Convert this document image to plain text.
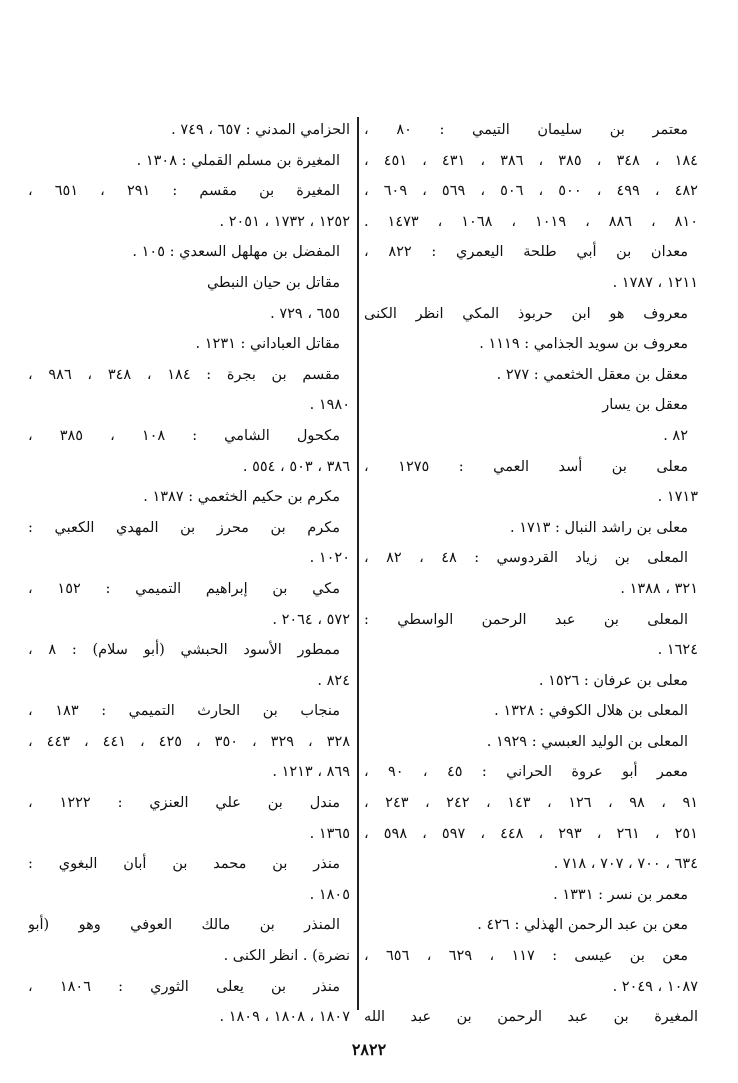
معتمر بن سليمان التيمي : ٨٠ ،
١٨٤ ، ٣٤٨ ، ٣٨٥ ، ٣٨٦ ، ٤٣١ ، ٤٥١ ،
٤٨٢ ، ٤٩٩ ، ٥٠٠ ، ٥٠٦ ، ٥٦٩ ، ٦٠٩ ،
٨١٠ ، ٨٨٦ ، ١٠١٩ ، ١٠٦٨ ، ١٤٧٣ .
معدان بن أبي طلحة اليعمري : ٨٢٢ ،
١٢١١ ، ١٧٨٧ .
معروف هو ابن حربوذ المكي انظر الكنى
معروف بن سويد الجذامي : ١١١٩ .
معقل بن معقل الخثعمي : ٢٧٧ .
معقل بن يسار
٨٢ .
معلى بن أسد العمي : ١٢٧٥ ،
١٧١٣ .
معلى بن راشد النبال : ١٧١٣ .
المعلى بن زياد القردوسي : ٤٨ ، ٨٢ ،
٣٢١ ، ١٣٨٨ .
المعلى بن عبد الرحمن الواسطي :
١٦٢٤ .
معلى بن عرفان : ١٥٢٦ .
المعلى بن هلال الكوفي : ١٣٢٨ .
المعلى بن الوليد العبسي : ١٩٢٩ .
معمر أبو عروة الحراني : ٤٥ ، ٩٠ ،
٩١ ، ٩٨ ، ١٢٦ ، ١٤٣ ، ٢٤٢ ، ٢٤٣ ،
٢٥١ ، ٢٦١ ، ٢٩٣ ، ٤٤٨ ، ٥٩٧ ، ٥٩٨ ،
٦٣٤ ، ٧٠٠ ، ٧٠٧ ، ٧١٨ .
معمر بن نسر : ١٣٣١ .
معن بن عبد الرحمن الهذلي : ٤٢٦ .
معن بن عيسى : ١١٧ ، ٦٢٩ ، ٦٥٦ ،
١٠٨٧ ، ٢٠٤٩ .
المغيرة بن عبد الرحمن بن عبد الله
الحزامي المدني : ٦٥٧ ، ٧٤٩ .
المغيرة بن مسلم القملي : ١٣٠٨ .
المغيرة بن مقسم : ٢٩١ ، ٦٥١ ،
١٢٥٢ ، ١٧٣٢ ، ٢٠٥١ .
المفضل بن مهلهل السعدي : ١٠٥ .
مقاتل بن حيان النبطي
٦٥٥ ، ٧٢٩ .
مقاتل العباداني : ١٢٣١ .
مقسم بن بجرة : ١٨٤ ، ٣٤٨ ، ٩٨٦ ،
١٩٨٠ .
مكحول الشامي : ١٠٨ ، ٣٨٥ ،
٣٨٦ ، ٥٠٣ ، ٥٥٤ .
مكرم بن حكيم الخثعمي : ١٣٨٧ .
مكرم بن محرز بن المهدي الكعبي :
١٠٢٠ .
مكي بن إبراهيم التميمي : ١٥٢ ،
٥٧٢ ، ٢٠٦٤ .
ممطور الأسود الحبشي (أبو سلام) : ٨ ،
٨٢٤ .
منجاب بن الحارث التميمي : ١٨٣ ،
٣٢٨ ، ٣٢٩ ، ٣٥٠ ، ٤٢٥ ، ٤٤١ ، ٤٤٣ ،
٨٦٩ ، ١٢١٣ .
مندل بن علي العنزي : ١٢٢٢ ،
١٣٦٥ .
منذر بن محمد بن أبان البغوي :
١٨٠٥ .
المنذر بن مالك العوفي وهو (أبو
نضرة) . انظر الكنى .
منذر بن يعلى الثوري : ١٨٠٦ ،
١٨٠٧ ، ١٨٠٨ ، ١٨٠٩ .
٢٨٢٢
